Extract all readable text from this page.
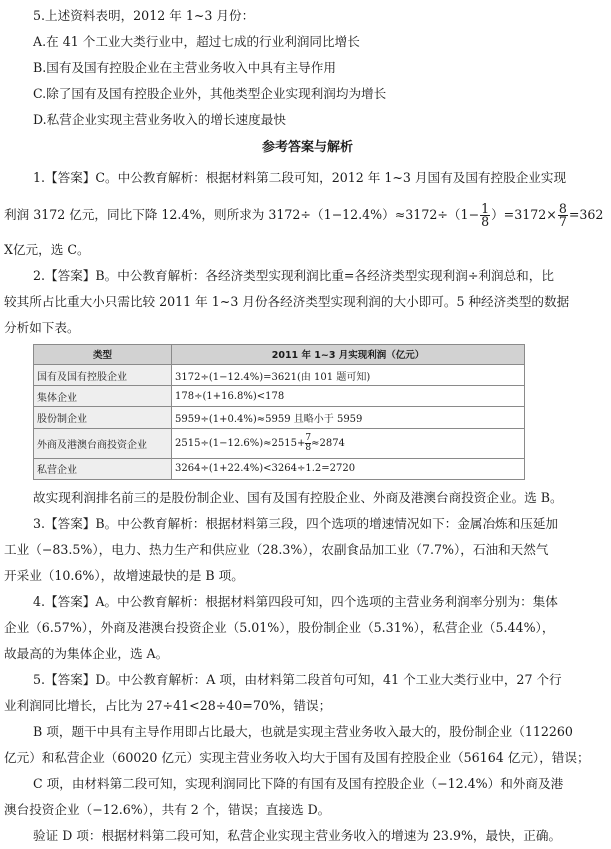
5.上述资料表明，2012 年 1~3 月份：
A.在 41 个工业大类行业中，超过七成的行业利润同比增长
B.国有及国有控股企业在主营业务收入中具有主导作用
C.除了国有及国有控股企业外，其他类型企业实现利润均为增长
D.私营企业实现主营业务收入的增长速度最快
参考答案与解析
1.【答案】C。中公教育解析：根据材料第二段可知，2012 年 1~3 月国有及国有控股企业实现
利润 3172 亿元，同比下降 12.4%，则所求为 $3172\div(1-12.4\%)\approx 3172\div(1- \frac{1}{8} )=3172\times \frac{8}{7} =362$
X亿元，选 C。
2.【答案】B。中公教育解析：各经济类型实现利润比重=各经济类型实现利润÷利润总和，比
较其所占比重大小只需比较 2011 年 1~3 月份各经济类型实现利润的大小即可。5 种经济类型的数据
分析如下表。
类型	2011 年 1~3 月实现利润（亿元）
国有及国有控股企业	3172÷(1−12.4%)=3621(由 101 题可知)
集体企业	178÷(1+16.8%)<178
股份制企业	5959÷(1+0.4%)≈5959 且略小于 5959
外商及港澳台商投资企业	$2515\div(1-12.6\%)\approx 2515+ \frac{7}{8}\approx 2874$
私营企业	3264÷(1+22.4%)<3264÷1.2=2720
故实现利润排名前三的是股份制企业、国有及国有控股企业、外商及港澳台商投资企业。选 B。
3.【答案】B。中公教育解析：根据材料第三段，四个选项的增速情况如下：金属冶炼和压延加
工业（−83.5%），电力、热力生产和供应业（28.3%），农副食品加工业（7.7%），石油和天然气
开采业（10.6%），故增速最快的是 B 项。
4.【答案】A。中公教育解析：根据材料第四段可知，四个选项的主营业务利润率分别为：集体
企业（6.57%），外商及港澳台投资企业（5.01%），股份制企业（5.31%），私营企业（5.44%），
故最高的为集体企业，选 A。
5.【答案】D。中公教育解析：A 项，由材料第二段首句可知，41 个工业大类行业中，27 个行
业利润同比增长，占比为 27÷41<28÷40=70%，错误；
B 项，题干中具有主导作用即占比最大，也就是实现主营业务收入最大的，股份制企业（112260
亿元）和私营企业（60020 亿元）实现主营业务收入均大于国有及国有控股企业（56164 亿元），错误；
C 项，由材料第二段可知，实现利润同比下降的有国有及国有控股企业（−12.4%）和外商及港
澳台投资企业（−12.6%），共有 2 个，错误；直接选 D。
验证 D 项：根据材料第二段可知，私营企业实现主营业务收入的增速为 23.9%，最快，正确。
